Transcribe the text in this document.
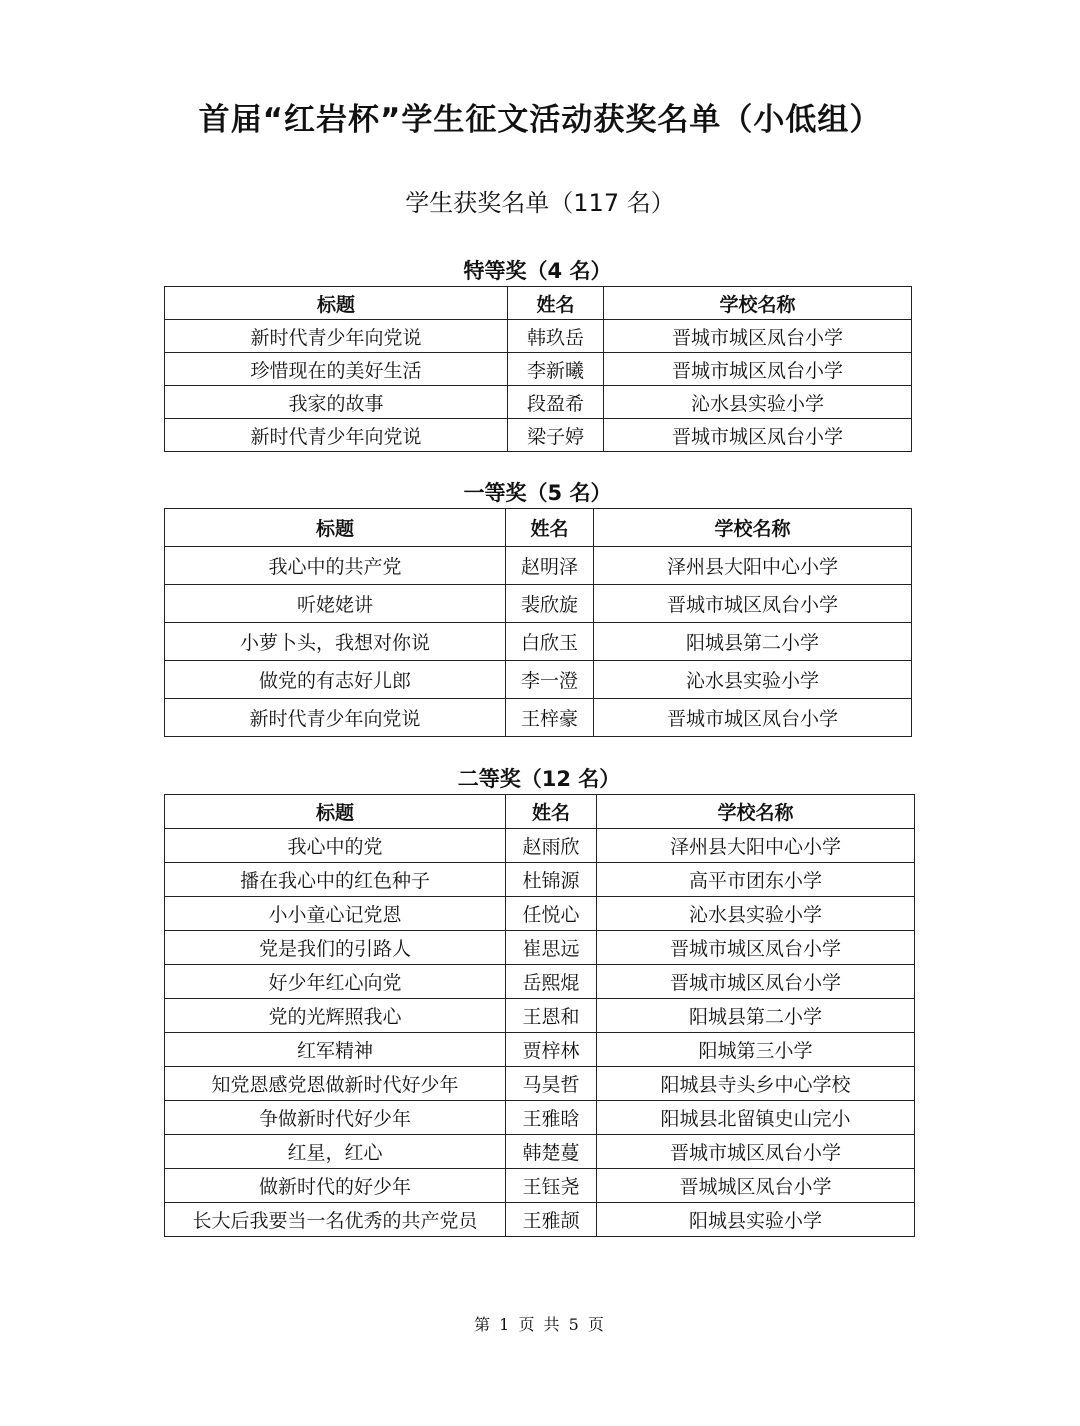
首届“红岩杯”学生征文活动获奖名单（小低组）
学生获奖名单（117 名）
特等奖（4 名）
标题	姓名	学校名称
新时代青少年向党说	韩玖岳	晋城市城区凤台小学
珍惜现在的美好生活	李新曦	晋城市城区凤台小学
我家的故事	段盈希	沁水县实验小学
新时代青少年向党说	梁子婷	晋城市城区凤台小学
一等奖（5 名）
标题	姓名	学校名称
我心中的共产党	赵明泽	泽州县大阳中心小学
听姥姥讲	裴欣旋	晋城市城区凤台小学
小萝卜头，我想对你说	白欣玉	阳城县第二小学
做党的有志好儿郎	李一澄	沁水县实验小学
新时代青少年向党说	王梓豪	晋城市城区凤台小学
二等奖（12 名）
标题	姓名	学校名称
我心中的党	赵雨欣	泽州县大阳中心小学
播在我心中的红色种子	杜锦源	高平市团东小学
小小童心记党恩	任悦心	沁水县实验小学
党是我们的引路人	崔思远	晋城市城区凤台小学
好少年红心向党	岳熙焜	晋城市城区凤台小学
党的光辉照我心	王恩和	阳城县第二小学
红军精神	贾梓林	阳城第三小学
知党恩感党恩做新时代好少年	马昊哲	阳城县寺头乡中心学校
争做新时代好少年	王雅晗	阳城县北留镇史山完小
红星，红心	韩楚蔓	晋城市城区凤台小学
做新时代的好少年	王钰尧	晋城城区凤台小学
长大后我要当一名优秀的共产党员	王雅颉	阳城县实验小学
第 1 页 共 5 页
